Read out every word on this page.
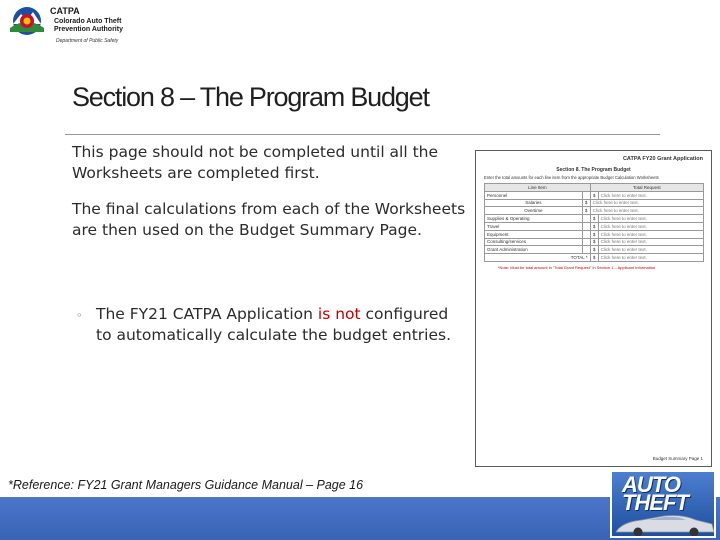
CATPA
Colorado Auto Theft
Prevention Authority
Department of Public Safety
Section 8 – The Program Budget
This page should not be completed until all the Worksheets are completed first.
The final calculations from each of the Worksheets are then used on the Budget Summary Page.
◦ The FY21 CATPA Application is not configured to automatically calculate the budget entries.
*Reference: FY21 Grant Managers Guidance Manual – Page 16
CATPA FY20 Grant Application
Section 8. The Program Budget
Enter the total amounts for each line item from the appropriate Budget Calculation Worksheets
Line Item		Total Request	
Personnel		$	Click here to enter text.
Salaries	$	Click here to enter text.	
Overtime	$	Click here to enter text.	
Supplies & Operating		$	Click here to enter text.
Travel		$	Click here to enter text.
Equipment		$	Click here to enter text.
Consulting/services		$	Click here to enter text.
Grant Administration		$	Click here to enter text.
TOTAL *		$	Click here to enter text.
*Note: Must be total amount in "Total Grant Request" in Section 1 – Applicant Information
Budget Summary Page 1
AUTO
THEFT
